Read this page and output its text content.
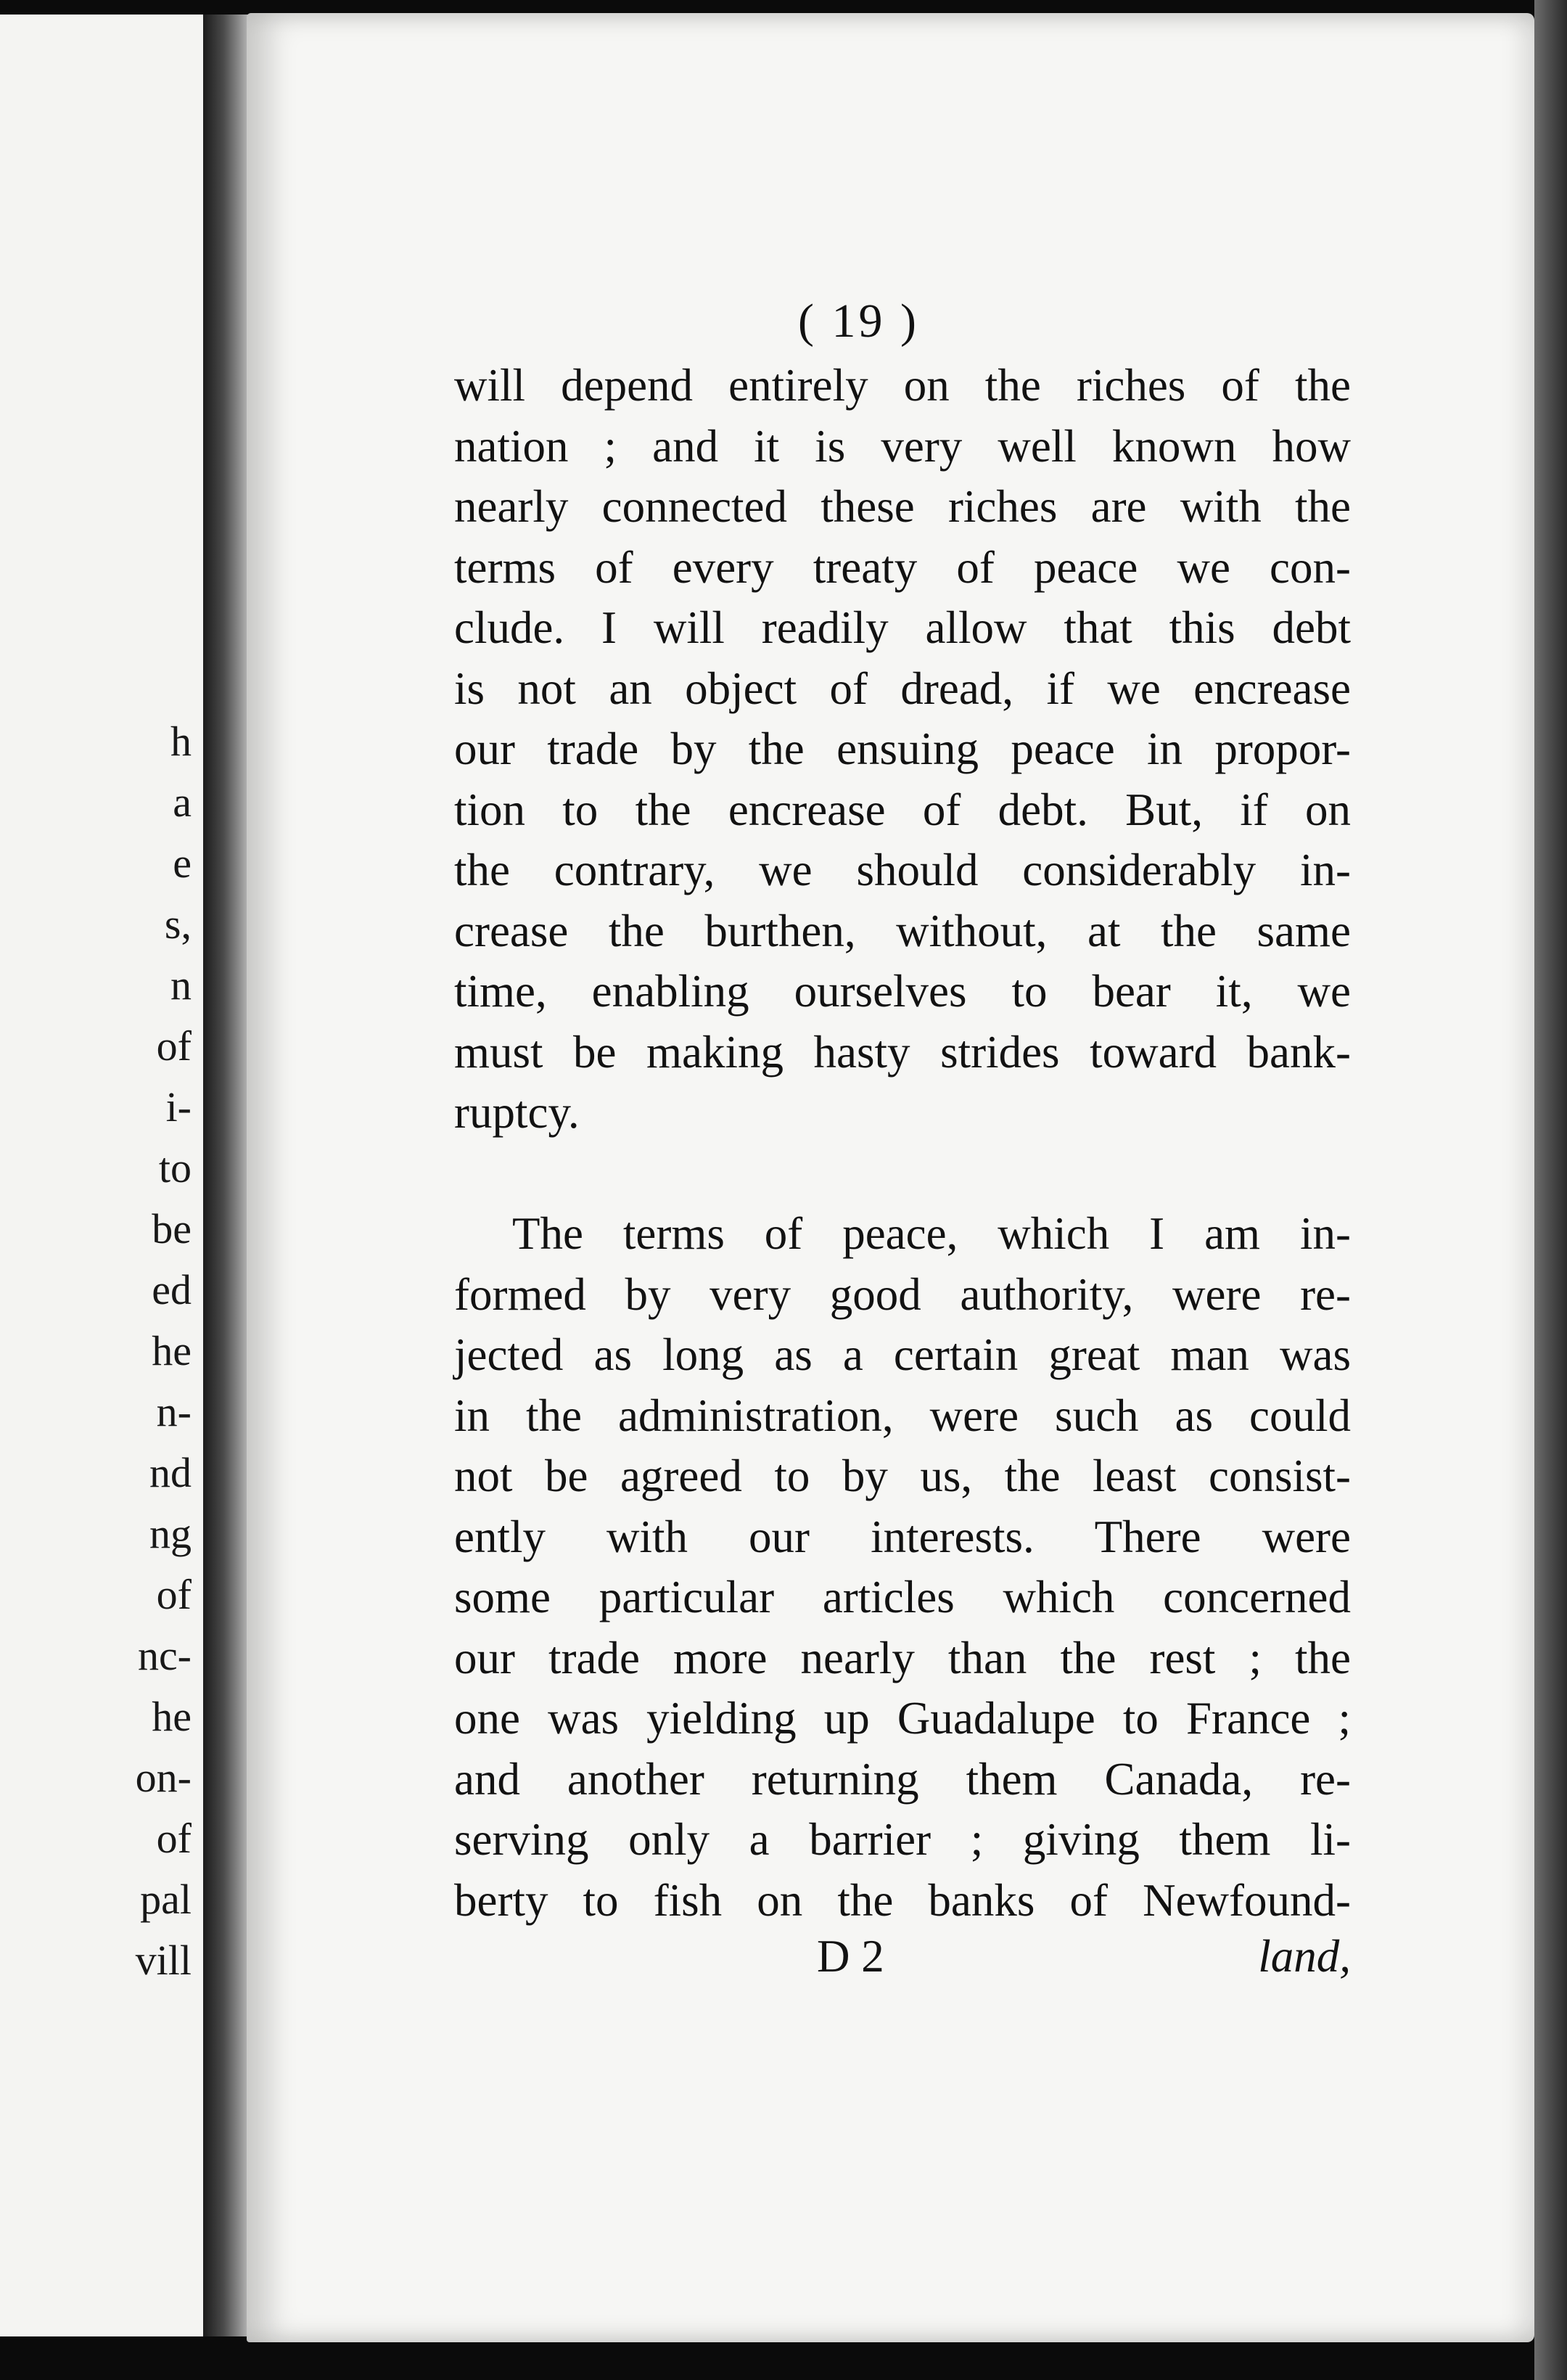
h
a
e
s,
n
of
i-
to
be
ed
he
n-
nd
ng
of
nc-
he
on-
of
pal
vill
( 19 )
will depend entirely on the riches of the
nation ; and it is very well known how
nearly connected these riches are with the
terms of every treaty of peace we con-
clude. I will readily allow that this debt
is not an object of dread, if we encrease
our trade by the ensuing peace in propor-
tion to the encrease of debt. But, if on
the contrary, we should considerably in-
crease the burthen, without, at the same
time, enabling ourselves to bear it, we
must be making hasty strides toward bank-
ruptcy.
The terms of peace, which I am in-
formed by very good authority, were re-
jected as long as a certain great man was
in the administration, were such as could
not be agreed to by us, the least consist-
ently with our interests. There were
some particular articles which concerned
our trade more nearly than the rest ; the
one was yielding up Guadalupe to France ;
and another returning them Canada, re-
serving only a barrier ; giving them li-
berty to fish on the banks of Newfound-
D 2	land,
